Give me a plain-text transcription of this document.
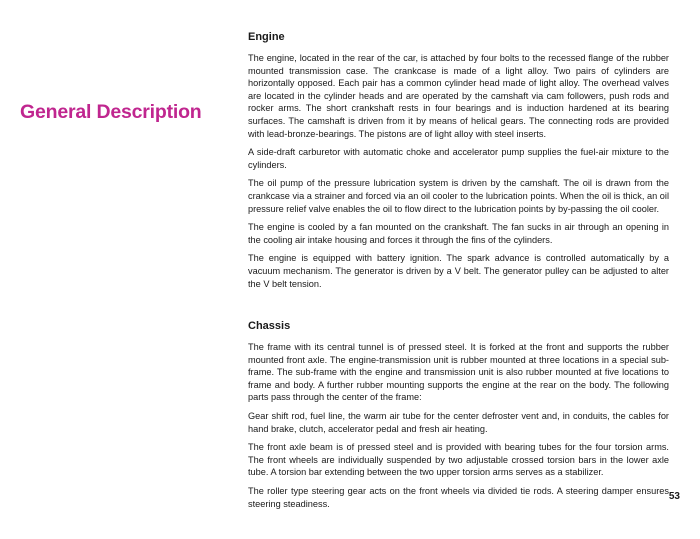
General Description
Engine

The engine, located in the rear of the car, is attached by four bolts to the recessed flange of the rubber mounted transmission case. The crankcase is made of a light alloy. Two pairs of cylinders are horizontally opposed. Each pair has a common cylinder head made of light alloy. The overhead valves are located in the cylinder heads and are operated by the camshaft via cam followers, push rods and rocker arms. The short crankshaft rests in four bearings and is induction hardened at its bearing surfaces. The camshaft is driven from it by means of helical gears. The connecting rods are provided with lead-bronze-bearings. The pistons are of light alloy with steel inserts.

A side-draft carburetor with automatic choke and accelerator pump supplies the fuel-air mixture to the cylinders.

The oil pump of the pressure lubrication system is driven by the camshaft. The oil is drawn from the crankcase via a strainer and forced via an oil cooler to the lubrication points. When the oil is thick, an oil pressure relief valve enables the oil to flow direct to the lubrication points by by-passing the oil cooler.

The engine is cooled by a fan mounted on the crankshaft. The fan sucks in air through an opening in the cooling air intake housing and forces it through the fins of the cylinders.

The engine is equipped with battery ignition. The spark advance is controlled automatically by a vacuum mechanism. The generator is driven by a V belt. The generator pulley can be adjusted to alter the V belt tension.

Chassis

The frame with its central tunnel is of pressed steel. It is forked at the front and supports the rubber mounted front axle. The engine-transmission unit is rubber mounted at three locations in a special sub-frame. The sub-frame with the engine and transmission unit is also rubber mounted at five locations to frame and body. A further rubber mounting supports the engine at the rear on the body. The following parts pass through the center of the frame:

Gear shift rod, fuel line, the warm air tube for the center defroster vent and, in conduits, the cables for hand brake, clutch, accelerator pedal and fresh air heating.

The front axle beam is of pressed steel and is provided with bearing tubes for the four torsion arms. The front wheels are individually suspended by two adjustable crossed torsion bars in the lower axle tube. A torsion bar extending between the two upper torsion arms serves as a stabilizer.

The roller type steering gear acts on the front wheels via divided tie rods. A steering damper ensures steering steadiness.

53
